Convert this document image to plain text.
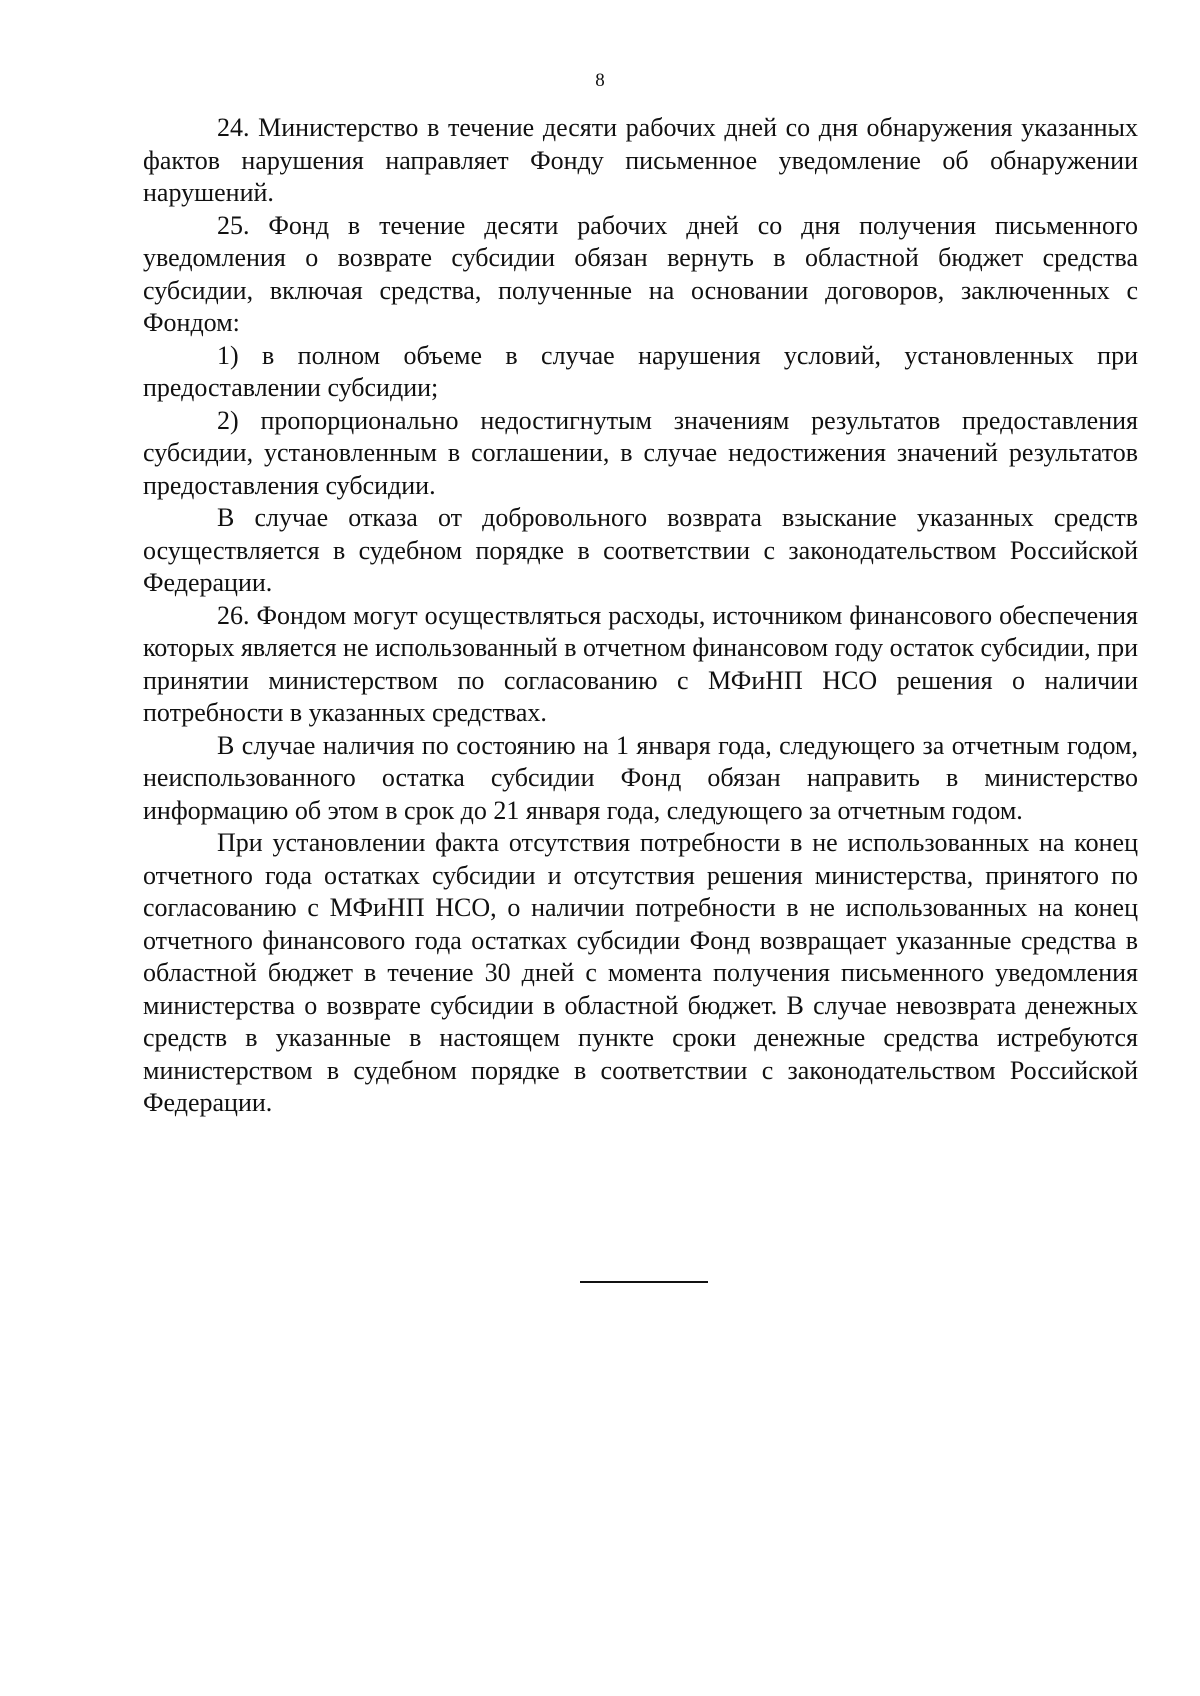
8

24. Министерство в течение десяти рабочих дней со дня обнаружения указанных фактов нарушения направляет Фонду письменное уведомление об обнаружении нарушений.

25. Фонд в течение десяти рабочих дней со дня получения письменного уведомления о возврате субсидии обязан вернуть в областной бюджет средства субсидии, включая средства, полученные на основании договоров, заключенных с Фондом:

1) в полном объеме в случае нарушения условий, установленных при предоставлении субсидии;

2) пропорционально недостигнутым значениям результатов предоставления субсидии, установленным в соглашении, в случае недостижения значений результатов предоставления субсидии.

В случае отказа от добровольного возврата взыскание указанных средств осуществляется в судебном порядке в соответствии с законодательством Российской Федерации.

26. Фондом могут осуществляться расходы, источником финансового обеспечения которых является не использованный в отчетном финансовом году остаток субсидии, при принятии министерством по согласованию с МФиНП НСО решения о наличии потребности в указанных средствах.

В случае наличия по состоянию на 1 января года, следующего за отчетным годом, неиспользованного остатка субсидии Фонд обязан направить в министерство информацию об этом в срок до 21 января года, следующего за отчетным годом.

При установлении факта отсутствия потребности в не использованных на конец отчетного года остатках субсидии и отсутствия решения министерства, принятого по согласованию с МФиНП НСО, о наличии потребности в не использованных на конец отчетного финансового года остатках субсидии Фонд возвращает указанные средства в областной бюджет в течение 30 дней с момента получения письменного уведомления министерства о возврате субсидии в областной бюджет. В случае невозврата денежных средств в указанные в настоящем пункте сроки денежные средства истребуются министерством в судебном порядке в соответствии с законодательством Российской Федерации.
